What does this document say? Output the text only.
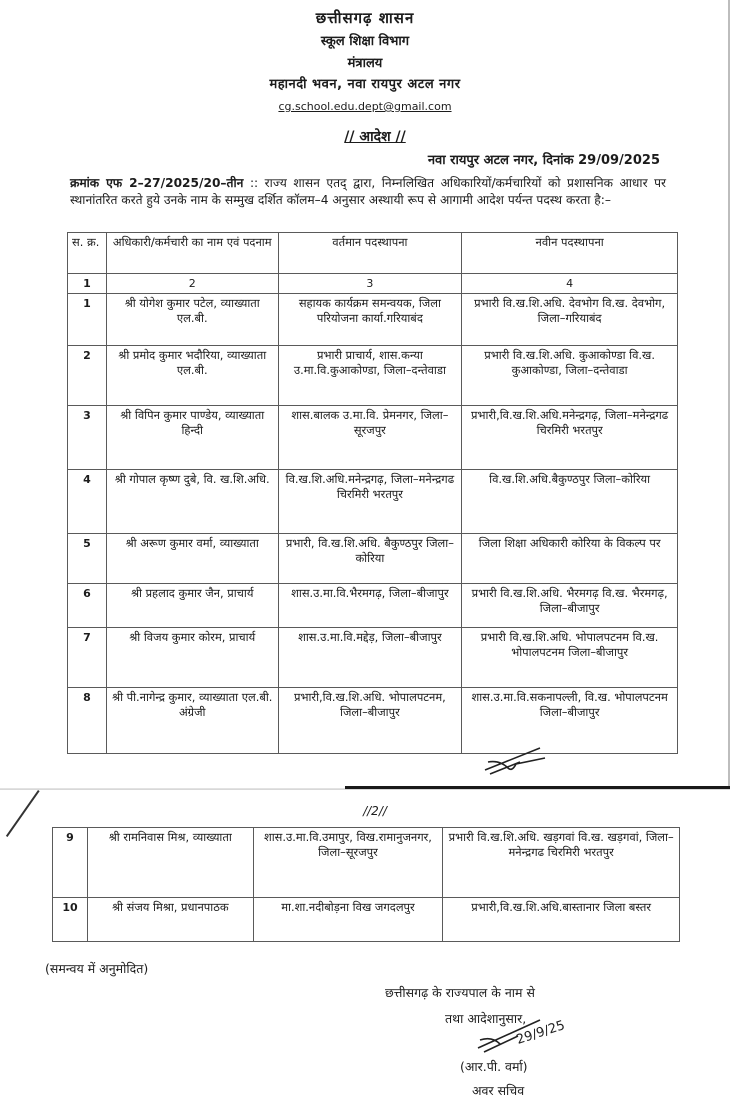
छत्तीसगढ़ शासन
स्कूल शिक्षा विभाग
मंत्रालय
महानदी भवन, नवा रायपुर अटल नगर
cg.school.edu.dept@gmail.com
// आदेश //
नवा रायपुर अटल नगर, दिनांक 29/09/2025
क्रमांक एफ 2–27/2025/20–तीन :: राज्य शासन एतद् द्वारा, निम्नलिखित अधिकारियों/कर्मचारियों को प्रशासनिक आधार पर स्थानांतरित करते हुये उनके नाम के सम्मुख दर्शित कॉलम–4 अनुसार अस्थायी रूप से आगामी आदेश पर्यन्त पदस्थ करता है:–
स. क्र.	अधिकारी/कर्मचारी का नाम एवं पदनाम	वर्तमान पदस्थापना	नवीन पदस्थापना
1	2	3	4
1	श्री योगेश कुमार पटेल, व्याख्याता एल.बी.	सहायक कार्यक्रम समन्वयक, जिला परियोजना कार्या.गरियाबंद	प्रभारी वि.ख.शि.अधि. देवभोग वि.ख. देवभोग, जिला–गरियाबंद
2	श्री प्रमोद कुमार भदौरिया, व्याख्याता एल.बी.	प्रभारी प्राचार्य, शास.कन्या उ.मा.वि.कुआकोण्डा, जिला–दन्तेवाडा	प्रभारी वि.ख.शि.अधि. कुआकोण्डा वि.ख. कुआकोण्डा, जिला–दन्तेवाडा
3	श्री विपिन कुमार पाण्डेय, व्याख्याता हिन्दी	शास.बालक उ.मा.वि. प्रेमनगर, जिला–सूरजपुर	प्रभारी,वि.ख.शि.अधि.मनेन्द्रगढ़, जिला–मनेन्द्रगढ चिरमिरी भरतपुर
4	श्री गोपाल कृष्ण दुबे, वि. ख.शि.अधि.	वि.ख.शि.अधि.मनेन्द्रगढ़, जिला–मनेन्द्रगढ चिरमिरी भरतपुर	वि.ख.शि.अधि.बैकुण्ठपुर जिला–कोरिया
5	श्री अरूण कुमार वर्मा, व्याख्याता	प्रभारी, वि.ख.शि.अधि. बैकुण्ठपुर जिला–कोरिया	जिला शिक्षा अधिकारी कोरिया के विकल्प पर
6	श्री प्रहलाद कुमार जैन, प्राचार्य	शास.उ.मा.वि.भैरमगढ़, जिला–बीजापुर	प्रभारी वि.ख.शि.अधि. भैरमगढ़ वि.ख. भैरमगढ़, जिला–बीजापुर
7	श्री विजय कुमार कोरम, प्राचार्य	शास.उ.मा.वि.मद्देड़, जिला–बीजापुर	प्रभारी वि.ख.शि.अधि. भोपालपटनम वि.ख. भोपालपटनम जिला–बीजापुर
8	श्री पी.नागेन्द्र कुमार, व्याख्याता एल.बी. अंग्रेजी	प्रभारी,वि.ख.शि.अधि. भोपालपटनम, जिला–बीजापुर	शास.उ.मा.वि.सकनापल्ली, वि.ख. भोपालपटनम जिला–बीजापुर
//2//
9	श्री रामनिवास मिश्र, व्याख्याता	शास.उ.मा.वि.उमापुर, विख.रामानुजनगर, जिला–सूरजपुर	प्रभारी वि.ख.शि.अधि. खड़गवां वि.ख. खड़गवां, जिला–मनेन्द्रगढ चिरमिरी भरतपुर
10	श्री संजय मिश्रा, प्रधानपाठक	मा.शा.नदीबोड़ना विख जगदलपुर	प्रभारी,वि.ख.शि.अधि.बास्तानार जिला बस्तर
(समन्वय में अनुमोदित)
छत्तीसगढ़ के राज्यपाल के नाम से
तथा आदेशानुसार,
29/9/25
(आर.पी. वर्मा)
अवर सचिव
